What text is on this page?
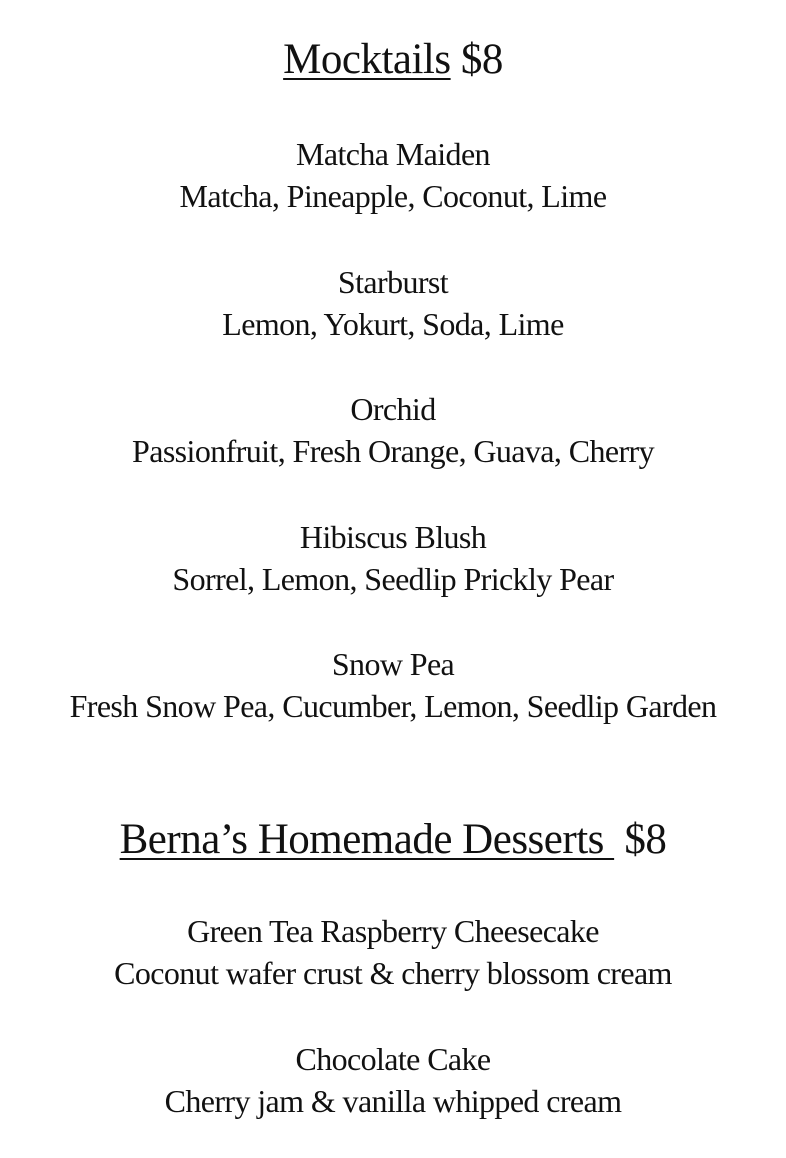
Mocktails $8
Matcha Maiden
Matcha, Pineapple, Coconut, Lime
Starburst
Lemon, Yokurt, Soda, Lime
Orchid
Passionfruit, Fresh Orange, Guava, Cherry
Hibiscus Blush
Sorrel, Lemon, Seedlip Prickly Pear
Snow Pea
Fresh Snow Pea, Cucumber, Lemon, Seedlip Garden
Berna’s Homemade Desserts  $8
Green Tea Raspberry Cheesecake
Coconut wafer crust & cherry blossom cream
Chocolate Cake
Cherry jam & vanilla whipped cream
